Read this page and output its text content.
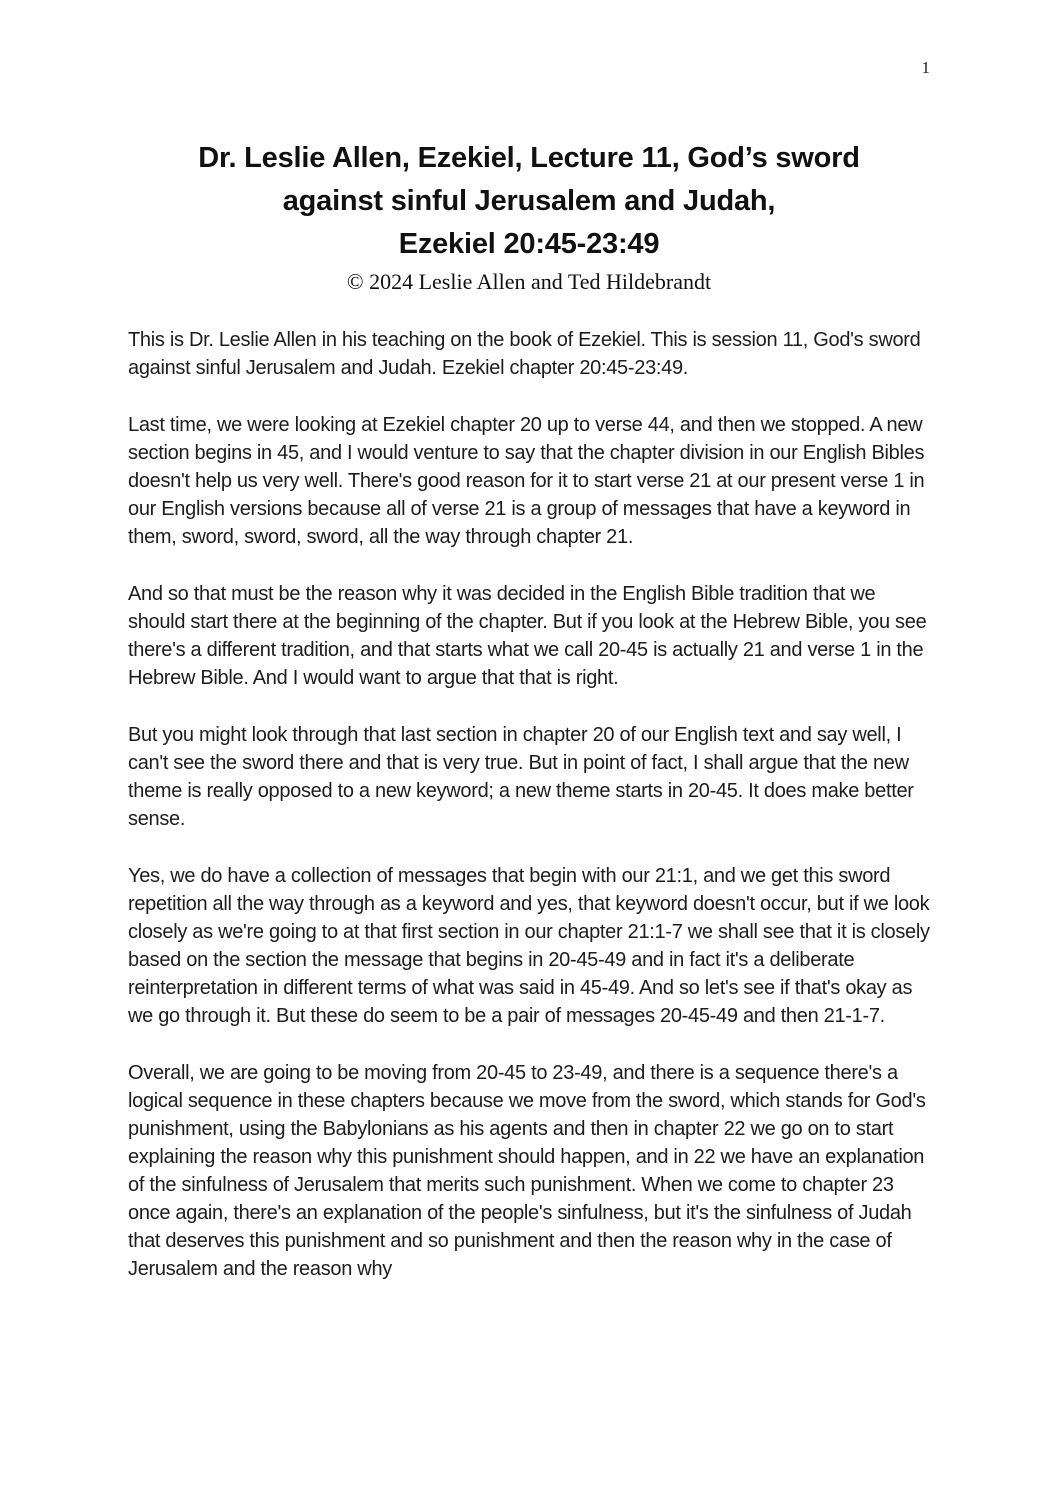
1
Dr. Leslie Allen, Ezekiel, Lecture 11, God’s sword
against sinful Jerusalem and Judah,
Ezekiel 20:45-23:49
© 2024 Leslie Allen and Ted Hildebrandt

This is Dr. Leslie Allen in his teaching on the book of Ezekiel. This is session 11, God's sword against sinful Jerusalem and Judah. Ezekiel chapter 20:45-23:49.

Last time, we were looking at Ezekiel chapter 20 up to verse 44, and then we stopped. A new section begins in 45, and I would venture to say that the chapter division in our English Bibles doesn't help us very well. There's good reason for it to start verse 21 at our present verse 1 in our English versions because all of verse 21 is a group of messages that have a keyword in them, sword, sword, sword, all the way through chapter 21.

And so that must be the reason why it was decided in the English Bible tradition that we should start there at the beginning of the chapter. But if you look at the Hebrew Bible, you see there's a different tradition, and that starts what we call 20-45 is actually 21 and verse 1 in the Hebrew Bible. And I would want to argue that that is right.

But you might look through that last section in chapter 20 of our English text and say well, I can't see the sword there and that is very true. But in point of fact, I shall argue that the new theme is really opposed to a new keyword; a new theme starts in 20-45. It does make better sense.

Yes, we do have a collection of messages that begin with our 21:1, and we get this sword repetition all the way through as a keyword and yes, that keyword doesn't occur, but if we look closely as we're going to at that first section in our chapter 21:1-7 we shall see that it is closely based on the section the message that begins in 20-45-49 and in fact it's a deliberate reinterpretation in different terms of what was said in 45-49. And so let's see if that's okay as we go through it. But these do seem to be a pair of messages 20-45-49 and then 21-1-7.

Overall, we are going to be moving from 20-45 to 23-49, and there is a sequence there's a logical sequence in these chapters because we move from the sword, which stands for God's punishment, using the Babylonians as his agents and then in chapter 22 we go on to start explaining the reason why this punishment should happen, and in 22 we have an explanation of the sinfulness of Jerusalem that merits such punishment. When we come to chapter 23 once again, there's an explanation of the people's sinfulness, but it's the sinfulness of Judah that deserves this punishment and so punishment and then the reason why in the case of Jerusalem and the reason why
